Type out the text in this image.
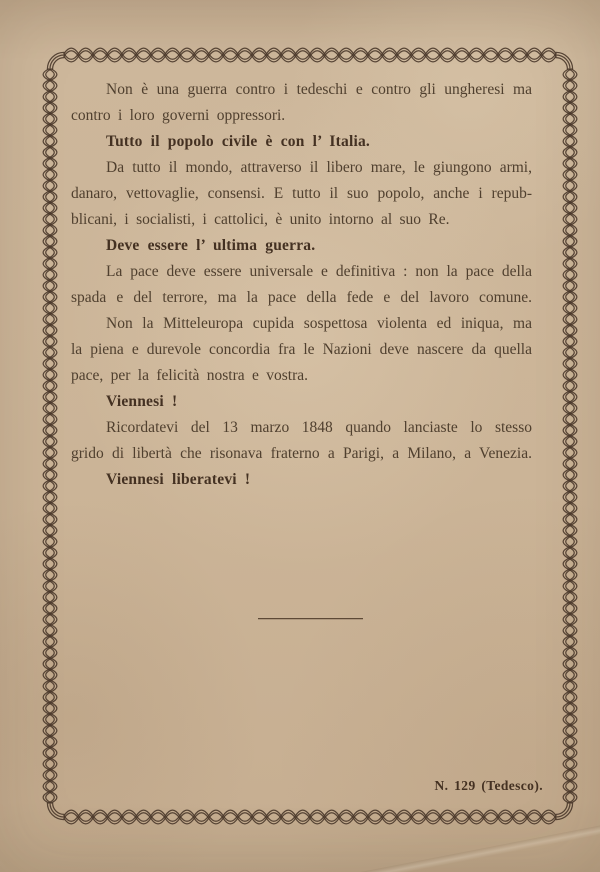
Non è una guerra contro i tedeschi e contro gli ungheresi ma
contro i loro governi oppressori.
Tutto il popolo civile è con l’ Italia.
Da tutto il mondo, attraverso il libero mare, le giungono armi,
danaro, vettovaglie, consensi. E tutto il suo popolo, anche i repub-
blicani, i socialisti, i cattolici, è unito intorno al suo Re.
Deve essere l’ ultima guerra.
La pace deve essere universale e definitiva : non la pace della
spada e del terrore, ma la pace della fede e del lavoro comune.
Non la Mitteleuropa cupida sospettosa violenta ed iniqua, ma
la piena e durevole concordia fra le Nazioni deve nascere da quella
pace, per la felicità nostra e vostra.
Viennesi !
Ricordatevi del 13 marzo 1848 quando lanciaste lo stesso
grido di libertà che risonava fraterno a Parigi, a Milano, a Venezia.
Viennesi liberatevi !
N. 129 (Tedesco).
